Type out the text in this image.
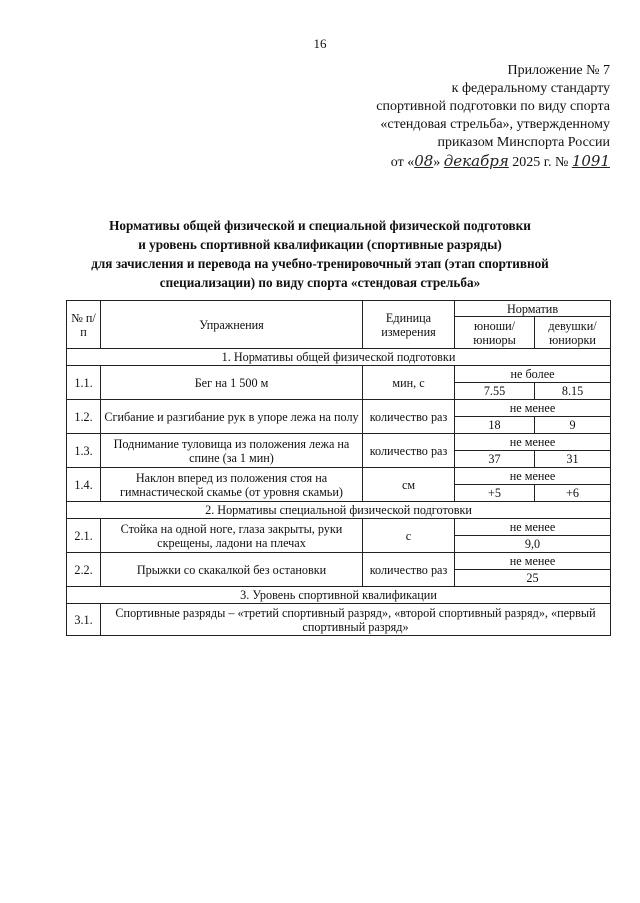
16
Приложение № 7
к федеральному стандарту
спортивной подготовки по виду спорта
«стендовая стрельба», утвержденному
приказом Минспорта России
от «08» декабря 2025 г. № 1091
Нормативы общей физической и специальной физической подготовки
и уровень спортивной квалификации (спортивные разряды)
для зачисления и перевода на учебно-тренировочный этап (этап спортивной
специализации) по виду спорта «стендовая стрельба»
№ п/п	Упражнения	Единица измерения	Норматив	
			юноши/ юниоры	девушки/ юниорки
1. Нормативы общей физической подготовки				
1.1.	Бег на 1 500 м	мин, с	не более	
			7.55	8.15
1.2.	Сгибание и разгибание рук в упоре лежа на полу	количество раз	не менее	
			18	9
1.3.	Поднимание туловища из положения лежа на спине (за 1 мин)	количество раз	не менее	
			37	31
1.4.	Наклон вперед из положения стоя на гимнастической скамье (от уровня скамьи)	см	не менее	
			+5	+6
2. Нормативы специальной физической подготовки				
2.1.	Стойка на одной ноге, глаза закрыты, руки скрещены, ладони на плечах	с	не менее	
			9,0	
2.2.	Прыжки со скакалкой без остановки	количество раз	не менее	
			25	
3. Уровень спортивной квалификации				
3.1.	Спортивные разряды – «третий спортивный разряд», «второй спортивный разряд», «первый спортивный разряд»			
